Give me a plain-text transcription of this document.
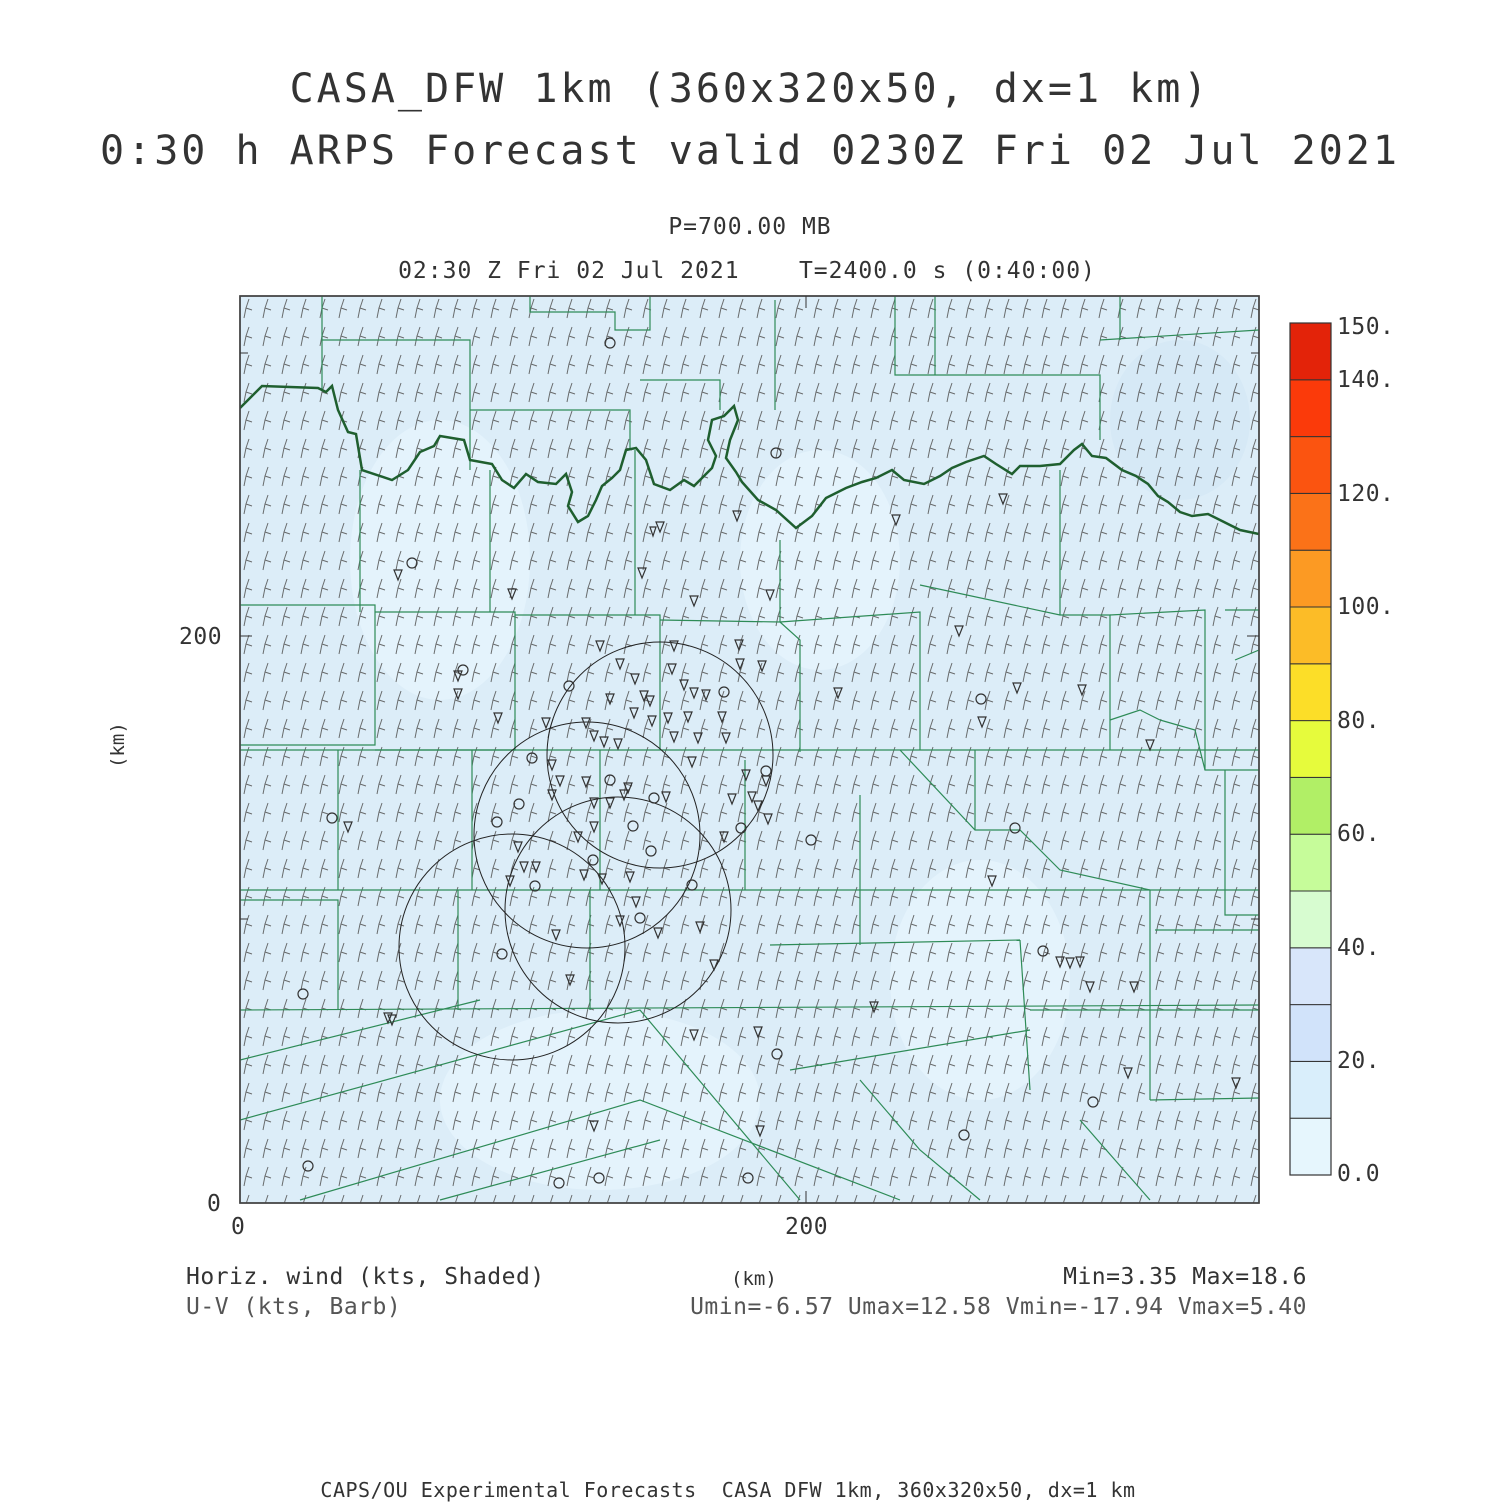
CASA_DFW 1km (360x320x50, dx=1 km)
0:30 h ARPS Forecast valid 0230Z Fri 02 Jul 2021
P=700.00 MB
02:30 Z Fri 02 Jul 2021    T=2400.0 s (0:40:00)
200
0
0	200
(km)
150.
140.
120.
100.
80.
60.
40.
20.
0.0
Horiz. wind (kts, Shaded)
U-V (kts, Barb)
(km)	Min=3.35 Max=18.6
Umin=-6.57 Umax=12.58 Vmin=-17.94 Vmax=5.40
CAPS/OU Experimental Forecasts  CASA DFW 1km, 360x320x50, dx=1 km
